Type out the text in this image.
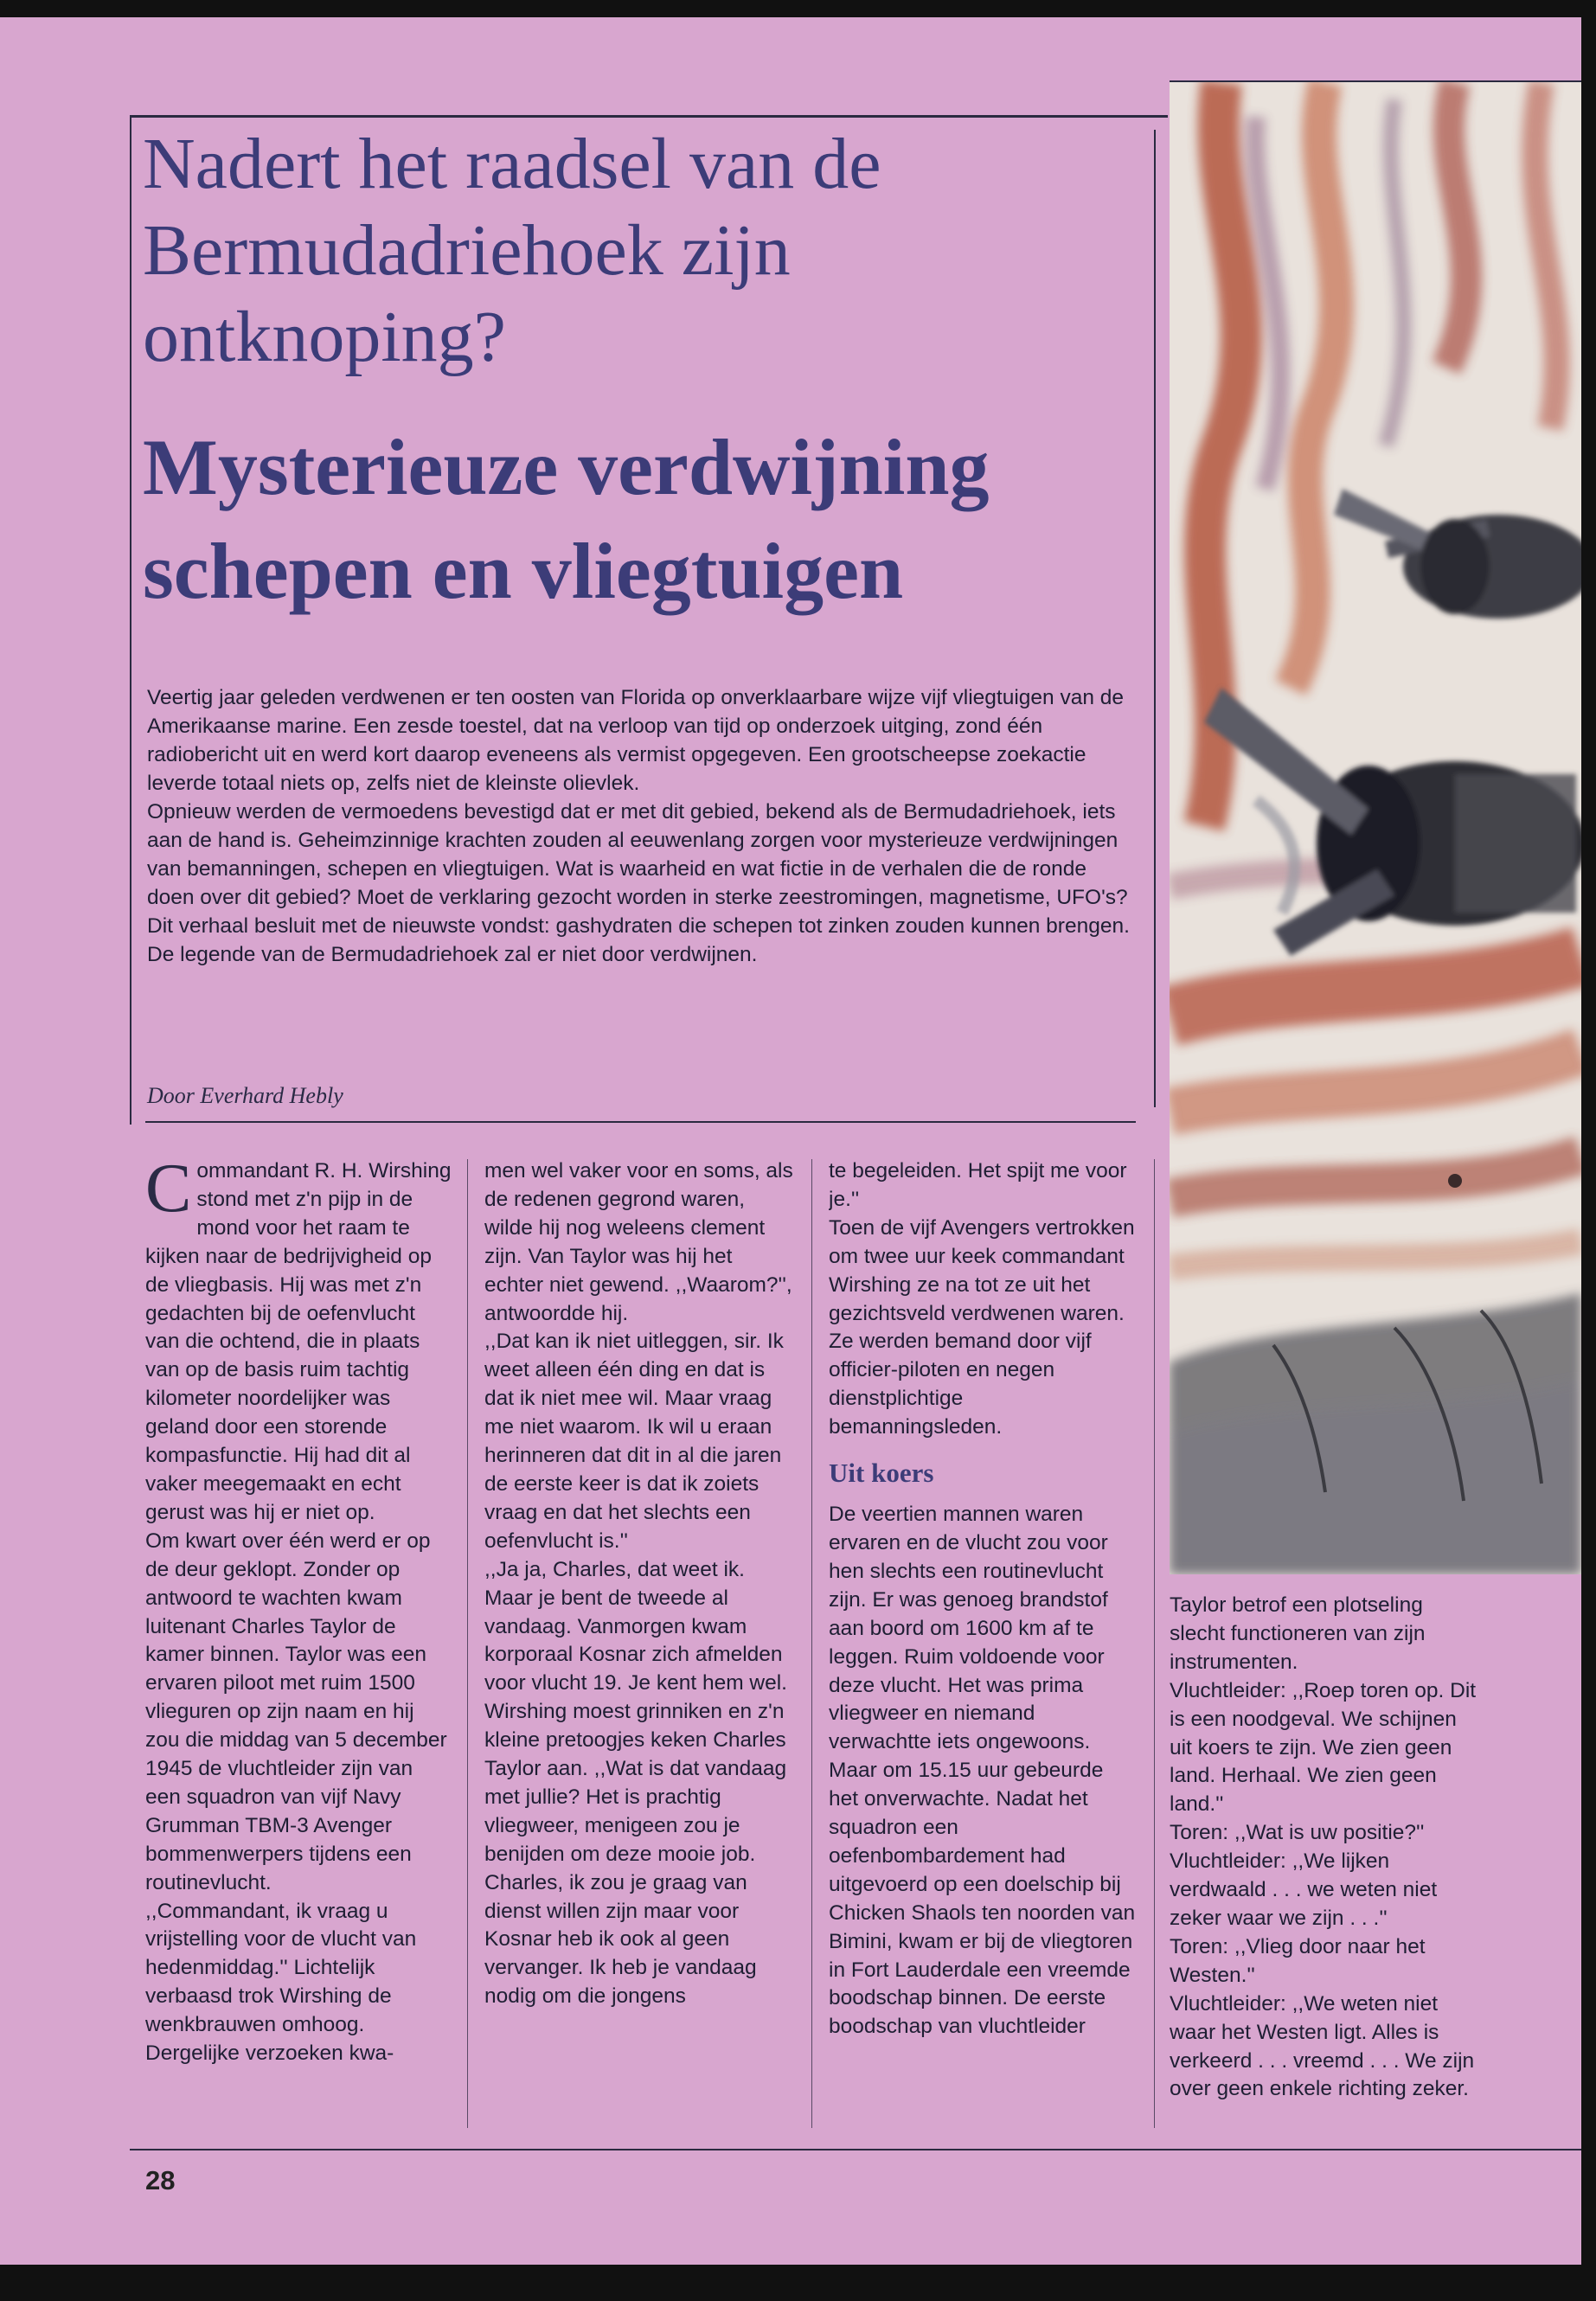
Nadert het raadsel van de Bermudadriehoek zijn ontknoping?
Mysterieuze verdwijning schepen en vliegtuigen

Veertig jaar geleden verdwenen er ten oosten van Florida op onverklaarbare wijze vijf vliegtuigen van de Amerikaanse marine. Een zesde toestel, dat na verloop van tijd op onderzoek uitging, zond één radiobericht uit en werd kort daarop eveneens als vermist opgegeven. Een grootscheepse zoekactie leverde totaal niets op, zelfs niet de kleinste olievlek.

Opnieuw werden de vermoedens bevestigd dat er met dit gebied, bekend als de Bermudadriehoek, iets aan de hand is. Geheimzinnige krachten zouden al eeuwenlang zorgen voor mysterieuze verdwijningen van bemanningen, schepen en vliegtuigen. Wat is waarheid en wat fictie in de verhalen die de ronde doen over dit gebied? Moet de verklaring gezocht worden in sterke zeestromingen, magnetisme, UFO's? Dit verhaal besluit met de nieuwste vondst: gashydraten die schepen tot zinken zouden kunnen brengen. De legende van de Bermudadriehoek zal er niet door verdwijnen.

Door Everhard Hebly
C ommandant R. H. Wirshing stond met z'n pijp in de mond voor het raam te kijken naar de bedrijvigheid op de vliegbasis. Hij was met z'n gedachten bij de oefenvlucht van die ochtend, die in plaats van op de basis ruim tachtig kilometer noordelijker was geland door een storende kompasfunctie. Hij had dit al vaker meegemaakt en echt gerust was hij er niet op.

Om kwart over één werd er op de deur geklopt. Zonder op antwoord te wachten kwam luitenant Charles Taylor de kamer binnen. Taylor was een ervaren piloot met ruim 1500 vlieguren op zijn naam en hij zou die middag van 5 december 1945 de vluchtleider zijn van een squadron van vijf Navy Grumman TBM-3 Avenger bommenwerpers tijdens een routinevlucht.

,,Commandant, ik vraag u vrijstelling voor de vlucht van hedenmiddag.'' Lichtelijk verbaasd trok Wirshing de wenkbrauwen omhoog. Dergelijke verzoeken kwa-

men wel vaker voor en soms, als de redenen gegrond waren, wilde hij nog weleens clement zijn. Van Taylor was hij het echter niet gewend. ,,Waarom?'', antwoordde hij.

,,Dat kan ik niet uitleggen, sir. Ik weet alleen één ding en dat is dat ik niet mee wil. Maar vraag me niet waarom. Ik wil u eraan herinneren dat dit in al die jaren de eerste keer is dat ik zoiets vraag en dat het slechts een oefenvlucht is.''

,,Ja ja, Charles, dat weet ik. Maar je bent de tweede al vandaag. Vanmorgen kwam korporaal Kosnar zich afmelden voor vlucht 19. Je kent hem wel. Wirshing moest grinniken en z'n kleine pretoogjes keken Charles Taylor aan. ,,Wat is dat vandaag met jullie? Het is prachtig vliegweer, menigeen zou je benijden om deze mooie job. Charles, ik zou je graag van dienst willen zijn maar voor Kosnar heb ik ook al geen vervanger. Ik heb je vandaag nodig om die jongens

te begeleiden. Het spijt me voor je.''

Toen de vijf Avengers vertrokken om twee uur keek commandant Wirshing ze na tot ze uit het gezichtsveld verdwenen waren. Ze werden bemand door vijf officier-piloten en negen dienstplichtige bemanningsleden.

Uit koers

De veertien mannen waren ervaren en de vlucht zou voor hen slechts een routinevlucht zijn. Er was genoeg brandstof aan boord om 1600 km af te leggen. Ruim voldoende voor deze vlucht. Het was prima vliegweer en niemand verwachtte iets ongewoons.

Maar om 15.15 uur gebeurde het onverwachte. Nadat het squadron een oefenbombardement had uitgevoerd op een doelschip bij Chicken Shaols ten noorden van Bimini, kwam er bij de vliegtoren in Fort Lauderdale een vreemde boodschap binnen. De eerste boodschap van vluchtleider

Taylor betrof een plotseling slecht functioneren van zijn instrumenten.

Vluchtleider: ,,Roep toren op. Dit is een noodgeval. We schijnen uit koers te zijn. We zien geen land. Herhaal. We zien geen land.''

Toren: ,,Wat is uw positie?''

Vluchtleider: ,,We lijken verdwaald . . . we weten niet zeker waar we zijn . . .''

Toren: ,,Vlieg door naar het Westen.''

Vluchtleider: ,,We weten niet waar het Westen ligt. Alles is verkeerd . . . vreemd . . . We zijn over geen enkele richting zeker.

28
